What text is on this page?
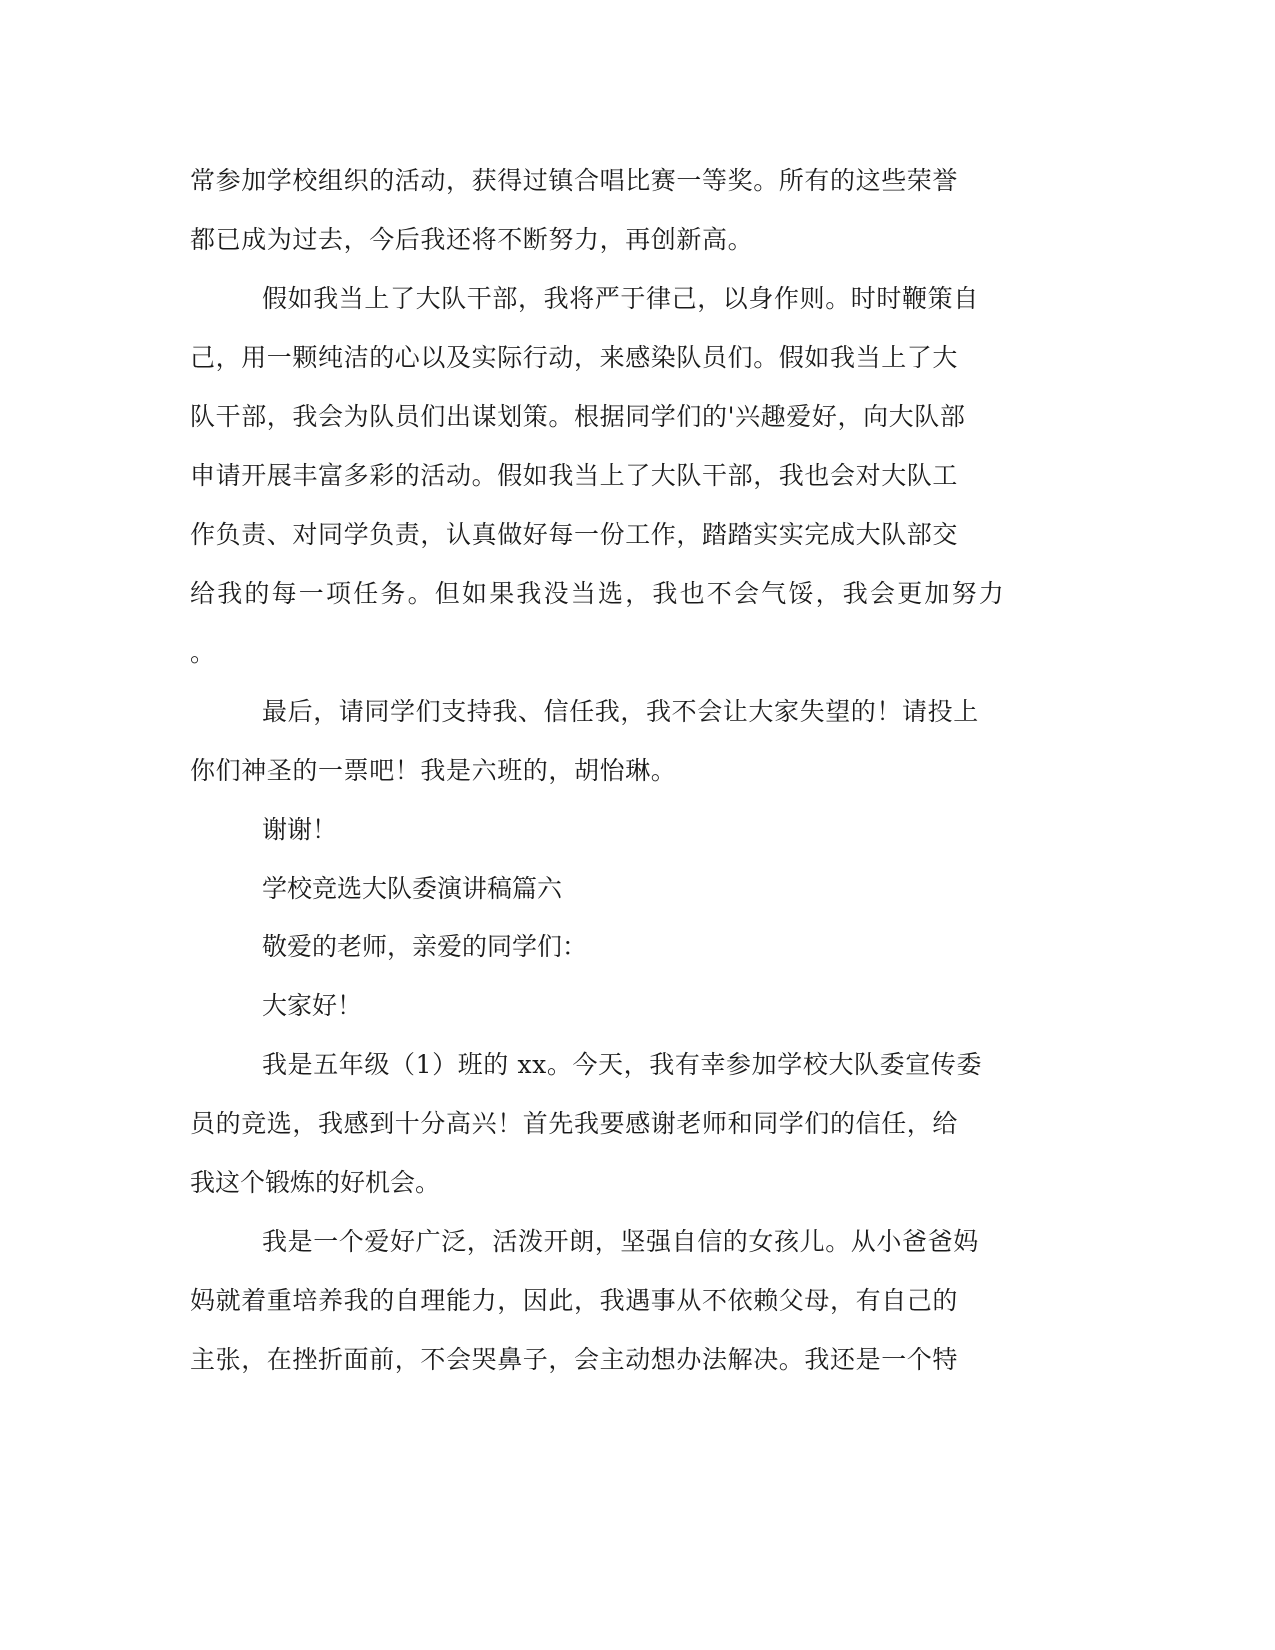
常参加学校组织的活动，获得过镇合唱比赛一等奖。所有的这些荣誉
都已成为过去，今后我还将不断努力，再创新高。
假如我当上了大队干部，我将严于律己，以身作则。时时鞭策自
己，用一颗纯洁的心以及实际行动，来感染队员们。假如我当上了大
队干部，我会为队员们出谋划策。根据同学们的'兴趣爱好，向大队部
申请开展丰富多彩的活动。假如我当上了大队干部，我也会对大队工
作负责、对同学负责，认真做好每一份工作，踏踏实实完成大队部交
给我的每一项任务。但如果我没当选，我也不会气馁，我会更加努力
。
最后，请同学们支持我、信任我，我不会让大家失望的！请投上
你们神圣的一票吧！我是六班的，胡怡琳。
谢谢！
学校竞选大队委演讲稿篇六
敬爱的老师，亲爱的同学们：
大家好！
我是五年级（1）班的 xx。今天，我有幸参加学校大队委宣传委
员的竞选，我感到十分高兴！首先我要感谢老师和同学们的信任，给
我这个锻炼的好机会。
我是一个爱好广泛，活泼开朗，坚强自信的女孩儿。从小爸爸妈
妈就着重培养我的自理能力，因此，我遇事从不依赖父母，有自己的
主张，在挫折面前，不会哭鼻子，会主动想办法解决。我还是一个特
